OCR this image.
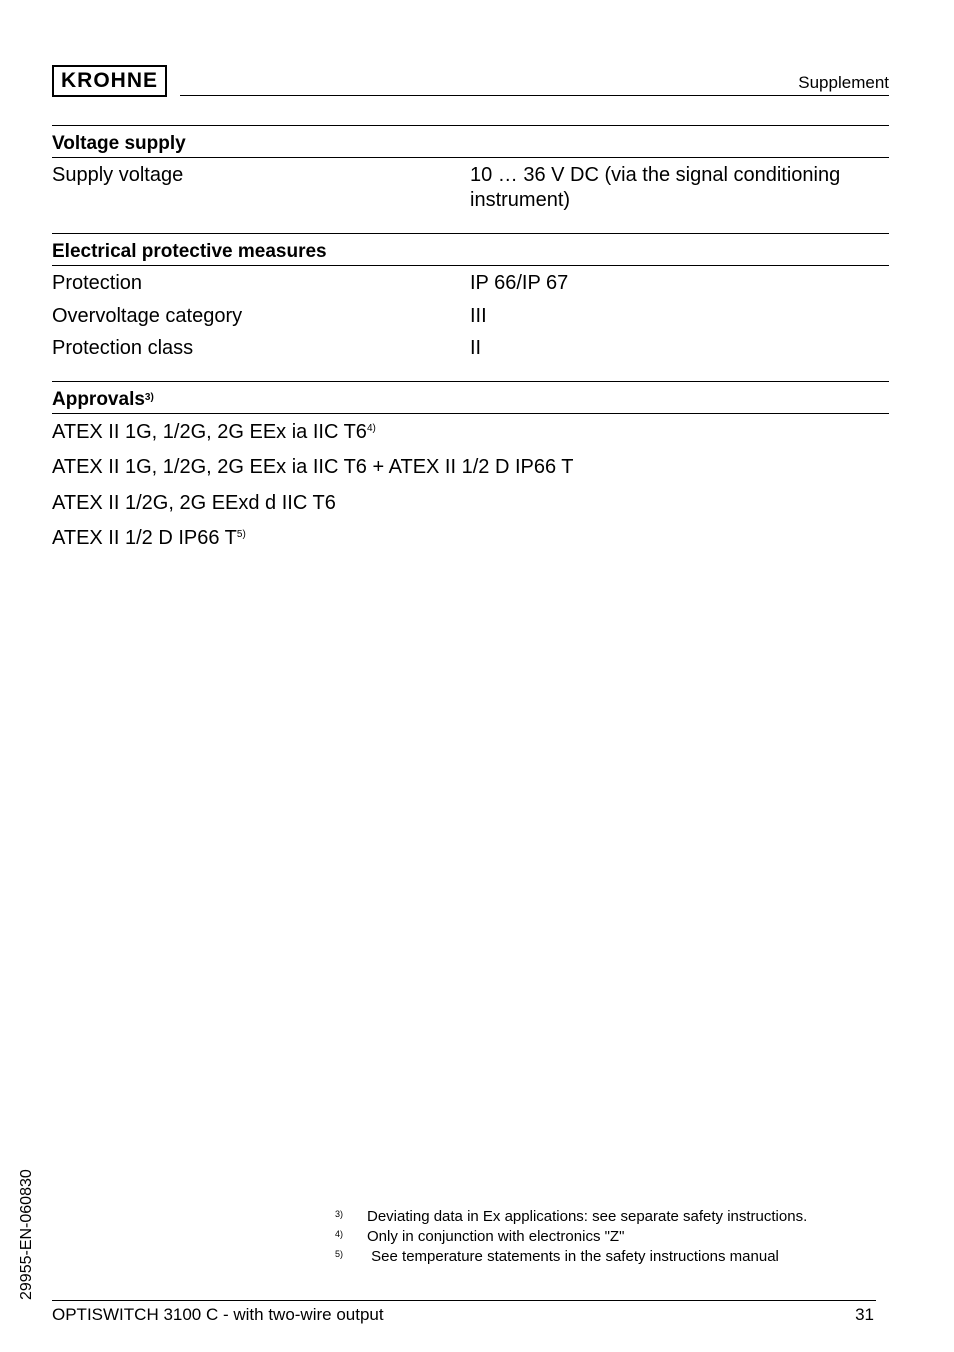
KROHNE	Supplement
Voltage supply
Supply voltage	10 … 36 V DC (via the signal conditioning instrument)
Electrical protective measures
Protection	IP 66/IP 67
Overvoltage category	III
Protection class	II
Approvals$^{3)}$
ATEX II 1G, 1/2G, 2G EEx ia IIC T6$^{4)}$
ATEX II 1G, 1/2G, 2G EEx ia IIC T6 + ATEX II 1/2 D IP66 T
ATEX II 1/2G, 2G EExd d IIC T6
ATEX II 1/2 D IP66 T$^{5)}$
3)	Deviating data in Ex applications: see separate safety instructions.
4)	Only in conjunction with electronics "Z"
5)	See temperature statements in the safety instructions manual
29955-EN-060830
OPTISWITCH 3100 C - with two-wire output	31
